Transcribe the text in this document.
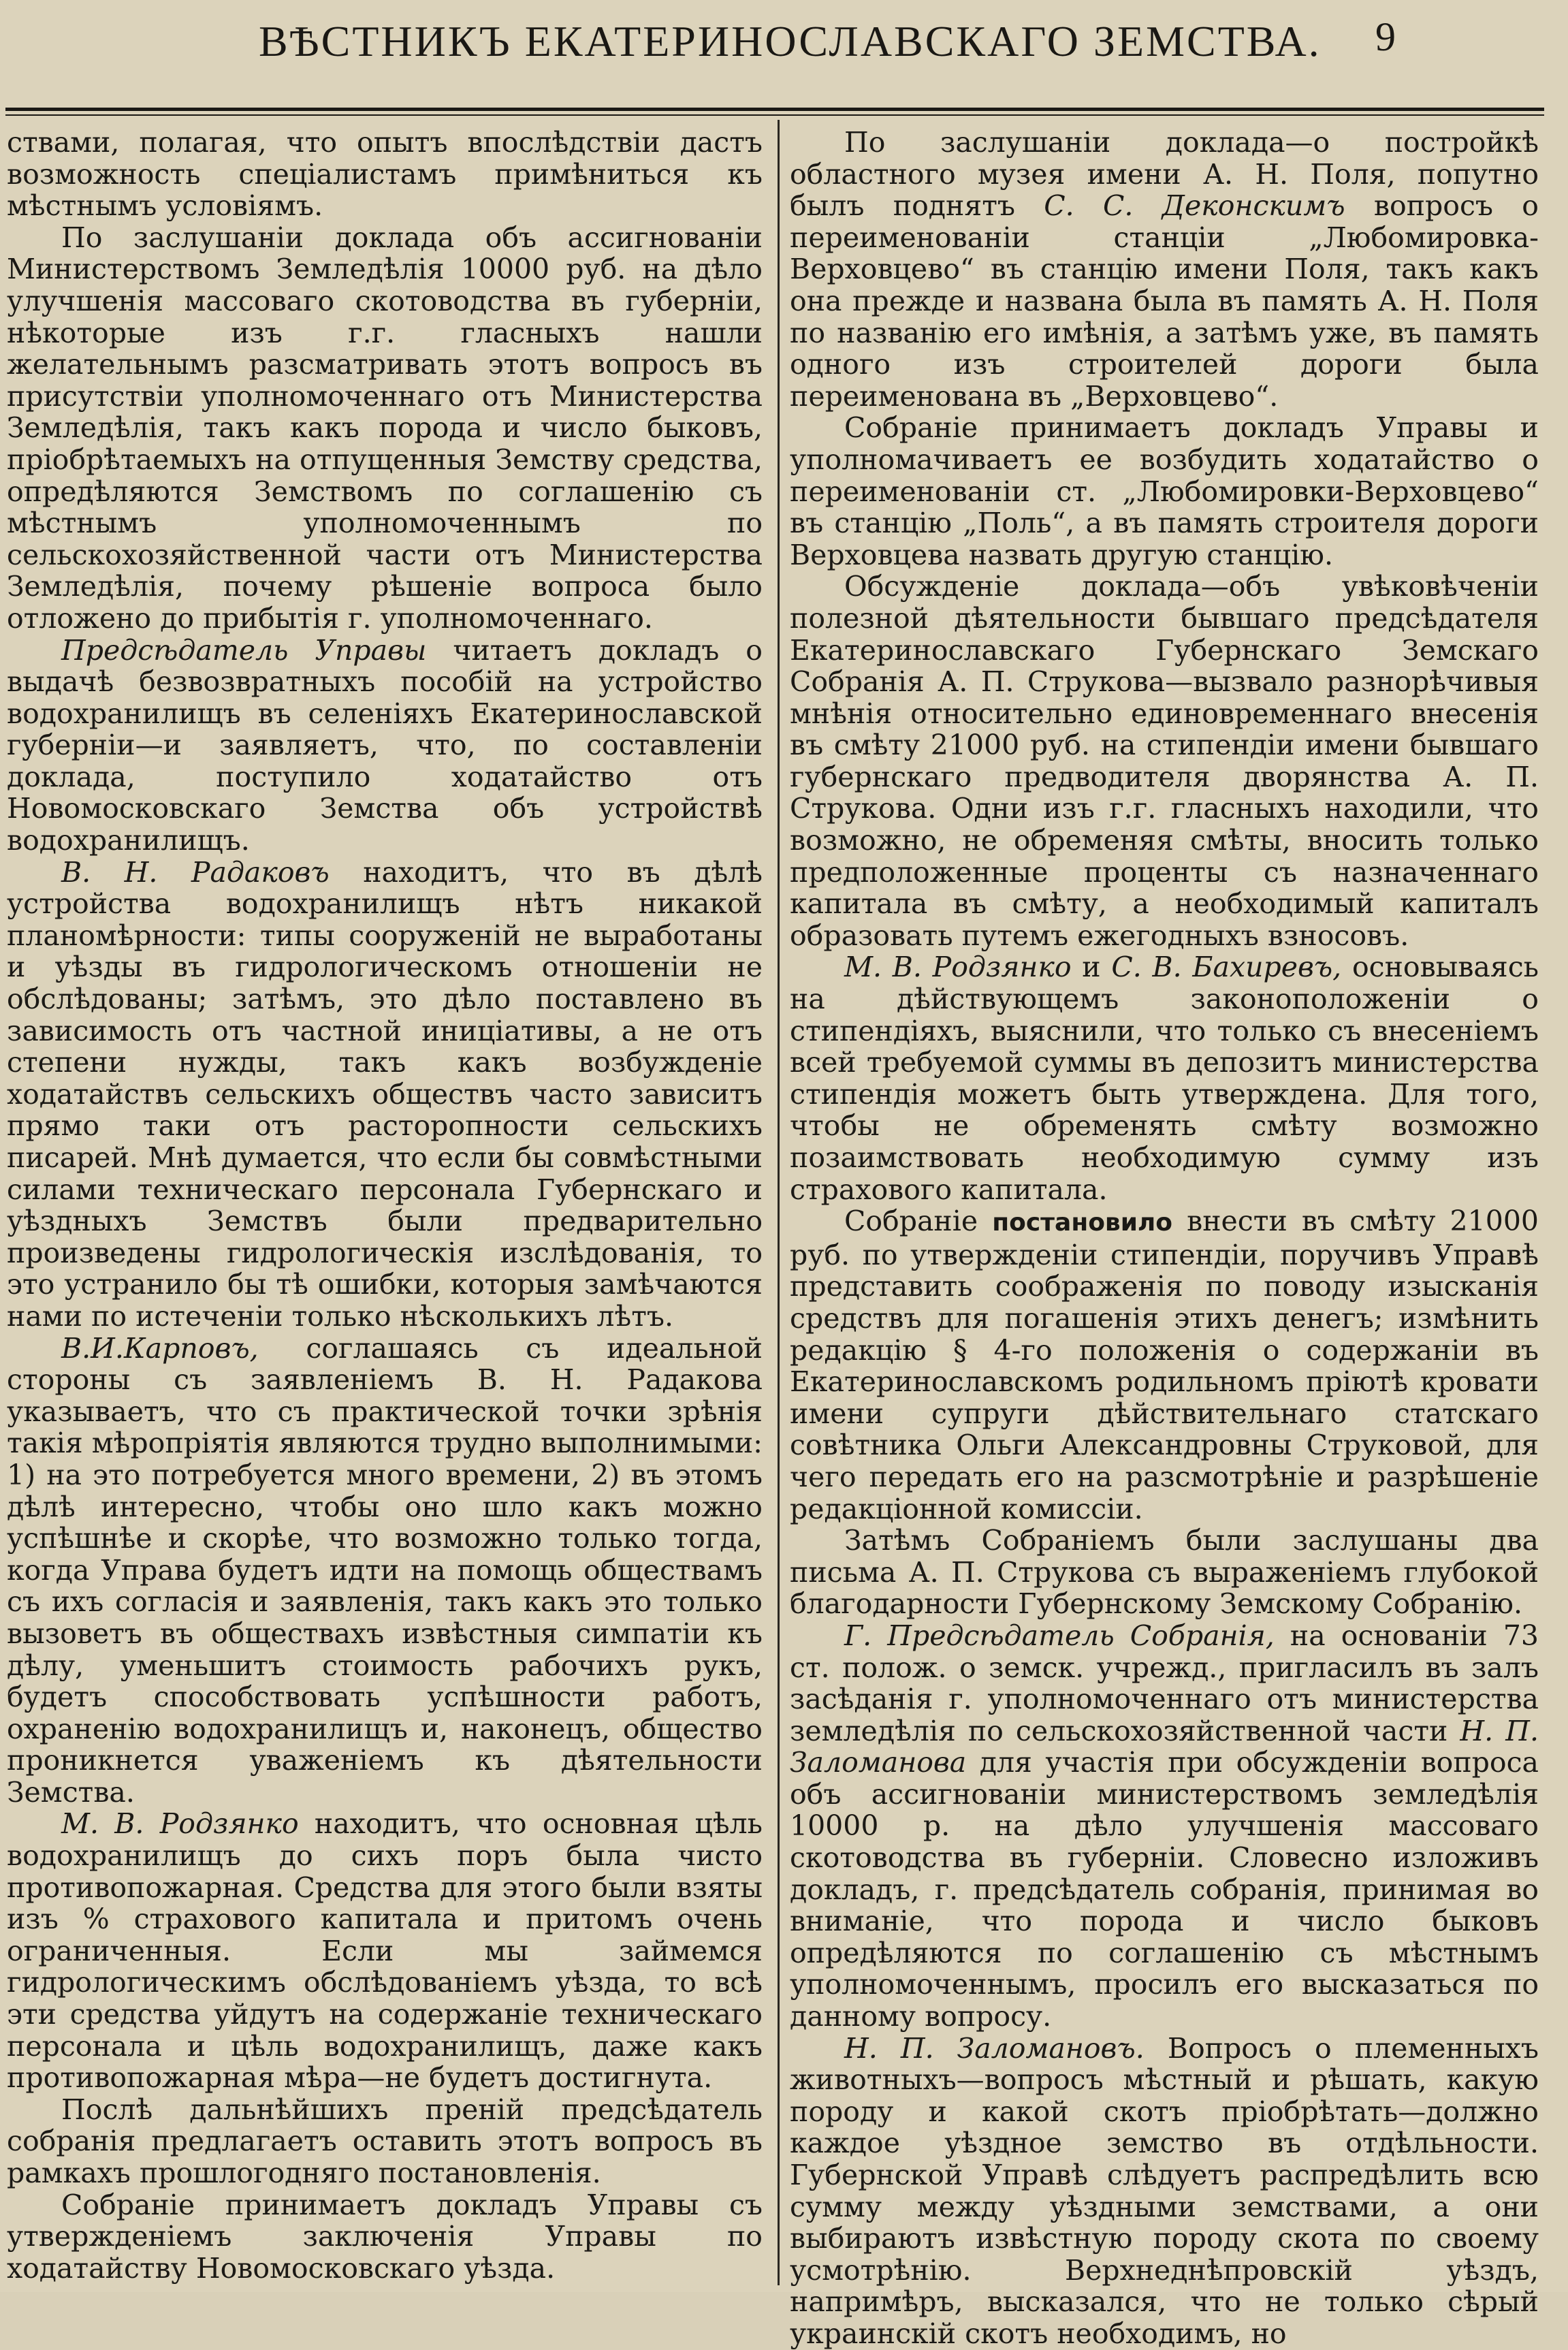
ВѢСТНИКЪ ЕКАТЕРИНОСЛАВСКАГО ЗЕМСТВА. 9

ствами, полагая, что опытъ впослѣдствіи дастъ возможность спеціалистамъ примѣниться къ мѣстнымъ условіямъ.

По заслушаніи доклада объ ассигнованіи Министерствомъ Земледѣлія 10000 руб. на дѣло улучшенія массоваго скотоводства въ губерніи, нѣкоторые изъ г.г. гласныхъ нашли желательнымъ разсматривать этотъ вопросъ въ присутствіи уполномоченнаго отъ Министерства Земледѣлія, такъ какъ порода и число быковъ, пріобрѣтаемыхъ на отпущенныя Земству средства, опредѣляются Земствомъ по соглашенію съ мѣстнымъ уполномоченнымъ по сельскохозяйственной части отъ Министерства Земледѣлія, почему рѣшеніе вопроса было отложено до прибытія г. уполномоченнаго.

Предсѣдатель Управы читаетъ докладъ о выдачѣ безвозвратныхъ пособій на устройство водохранилищъ въ селеніяхъ Екатеринославской губерніи—и заявляетъ, что, по составленіи доклада, поступило ходатайство отъ Новомосковскаго Земства объ устройствѣ водохранилищъ.

В. Н. Радаковъ находитъ, что въ дѣлѣ устройства водохранилищъ нѣтъ никакой планомѣрности: типы сооруженій не выработаны и уѣзды въ гидрологическомъ отношеніи не обслѣдованы; затѣмъ, это дѣло поставлено въ зависимость отъ частной иниціативы, а не отъ степени нужды, такъ какъ возбужденіе ходатайствъ сельскихъ обществъ часто зависитъ прямо таки отъ расторопности сельскихъ писарей. Мнѣ думается, что если бы совмѣстными силами техническаго персонала Губернскаго и уѣздныхъ Земствъ были предварительно произведены гидрологическія изслѣдованія, то это устранило бы тѣ ошибки, которыя замѣчаются нами по истеченіи только нѣсколькихъ лѣтъ.

В.И.Карповъ, соглашаясь съ идеальной стороны съ заявленіемъ В. Н. Радакова указываетъ, что съ практической точки зрѣнія такія мѣропріятія являются трудно выполнимыми: 1) на это потребуется много времени, 2) въ этомъ дѣлѣ интересно, чтобы оно шло какъ можно успѣшнѣе и скорѣе, что возможно только тогда, когда Управа будетъ идти на помощь обществамъ съ ихъ согласія и заявленія, такъ какъ это только вызоветъ въ обществахъ извѣстныя симпатіи къ дѣлу, уменьшитъ стоимость рабочихъ рукъ, будетъ способствовать успѣшности работъ, охраненію водохранилищъ и, наконецъ, общество проникнется уваженіемъ къ дѣятельности Земства.

М. В. Родзянко находитъ, что основная цѣль водохранилищъ до сихъ поръ была чисто противопожарная. Средства для этого были взяты изъ % страхового капитала и притомъ очень ограниченныя. Если мы займемся гидрологическимъ обслѣдованіемъ уѣзда, то всѣ эти средства уйдутъ на содержаніе техническаго персонала и цѣль водохранилищъ, даже какъ противопожарная мѣра—не будетъ достигнута.

Послѣ дальнѣйшихъ преній предсѣдатель собранія предлагаетъ оставить этотъ вопросъ въ рамкахъ прошлогодняго постановленія.

Собраніе принимаетъ докладъ Управы съ утвержденіемъ заключенія Управы по ходатайству Новомосковскаго уѣзда.

По заслушаніи доклада—о постройкѣ областного музея имени А. Н. Поля, попутно былъ поднятъ С. С. Деконскимъ вопросъ о переименованіи станціи „Любомировка-Верховцево“ въ станцію имени Поля, такъ какъ она прежде и названа была въ память А. Н. Поля по названію его имѣнія, а затѣмъ уже, въ память одного изъ строителей дороги была переименована въ „Верховцево“.

Собраніе принимаетъ докладъ Управы и уполномачиваетъ ее возбудить ходатайство о переименованіи ст. „Любомировки-Верховцево“ въ станцію „Поль“, а въ память строителя дороги Верховцева назвать другую станцію.

Обсужденіе доклада—объ увѣковѣченіи полезной дѣятельности бывшаго предсѣдателя Екатеринославскаго Губернскаго Земскаго Собранія А. П. Струкова—вызвало разнорѣчивыя мнѣнія относительно единовременнаго внесенія въ смѣту 21000 руб. на стипендіи имени бывшаго губернскаго предводителя дворянства А. П. Струкова. Одни изъ г.г. гласныхъ находили, что возможно, не обременяя смѣты, вносить только предположенные проценты съ назначеннаго капитала въ смѣту, а необходимый капиталъ образовать путемъ ежегодныхъ взносовъ.

М. В. Родзянко и С. В. Бахиревъ, основываясь на дѣйствующемъ законоположеніи о стипендіяхъ, выяснили, что только съ внесеніемъ всей требуемой суммы въ депозитъ министерства стипендія можетъ быть утверждена. Для того, чтобы не обременять смѣту возможно позаимствовать необходимую сумму изъ страхового капитала.

Собраніе постановило внести въ смѣту 21000 руб. по утвержденіи стипендіи, поручивъ Управѣ представить соображенія по поводу изысканія средствъ для погашенія этихъ денегъ; измѣнить редакцію § 4-го положенія о содержаніи въ Екатеринославскомъ родильномъ пріютѣ кровати имени супруги дѣйствительнаго статскаго совѣтника Ольги Александровны Струковой, для чего передать его на разсмотрѣніе и разрѣшеніе редакціонной комиссіи.

Затѣмъ Собраніемъ были заслушаны два письма А. П. Струкова съ выраженіемъ глубокой благодарности Губернскому Земскому Собранію.

Г. Предсѣдатель Собранія, на основаніи 73 ст. полож. о земск. учрежд., пригласилъ въ залъ засѣданія г. уполномоченнаго отъ министерства земледѣлія по сельскохозяйственной части Н. П. Заломанова для участія при обсужденіи вопроса объ ассигнованіи министерствомъ земледѣлія 10000 р. на дѣло улучшенія массоваго скотоводства въ губерніи. Словесно изложивъ докладъ, г. предсѣдатель собранія, принимая во вниманіе, что порода и число быковъ опредѣляются по соглашенію съ мѣстнымъ уполномоченнымъ, просилъ его высказаться по данному вопросу.

Н. П. Заломановъ. Вопросъ о племенныхъ животныхъ—вопросъ мѣстный и рѣшать, какую породу и какой скотъ пріобрѣтать—должно каждое уѣздное земство въ отдѣльности. Губернской Управѣ слѣдуетъ распредѣлить всю сумму между уѣздными земствами, а они выбираютъ извѣстную породу скота по своему усмотрѣнію. Верхнеднѣпровскій уѣздъ, напримѣръ, высказался, что не только сѣрый украинскій скотъ необходимъ, но
